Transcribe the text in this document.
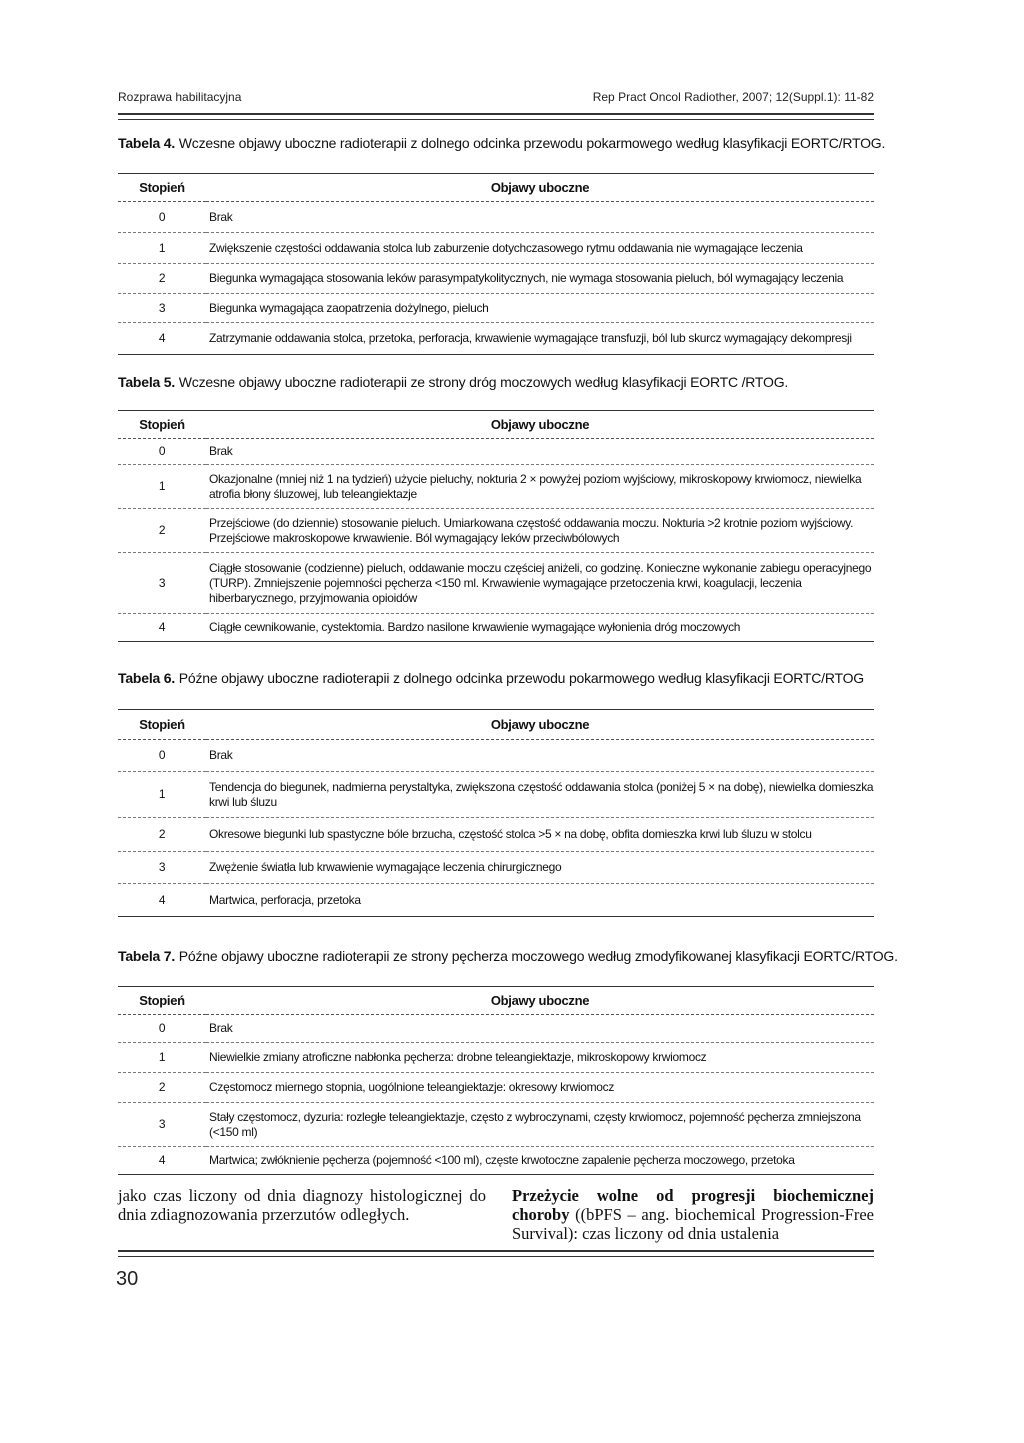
Rozprawa habilitacyjna	Rep Pract Oncol Radiother, 2007; 12(Suppl.1): 11-82
Tabela 4. Wczesne objawy uboczne radioterapii z dolnego odcinka przewodu pokarmowego według klasyfikacji EORTC/RTOG.
Stopień	Objawy uboczne
0	Brak
1	Zwiększenie częstości oddawania stolca lub zaburzenie dotychczasowego rytmu oddawania nie wymagające leczenia
2	Biegunka wymagająca stosowania leków parasympatykolitycznych, nie wymaga stosowania pieluch, ból wymagający leczenia
3	Biegunka wymagająca zaopatrzenia dożylnego, pieluch
4	Zatrzymanie oddawania stolca, przetoka, perforacja, krwawienie wymagające transfuzji, ból lub skurcz wymagający dekompresji
Tabela 5. Wczesne objawy uboczne radioterapii ze strony dróg moczowych według klasyfikacji EORTC /RTOG.
Stopień	Objawy uboczne
0	Brak
1	Okazjonalne (mniej niż 1 na tydzień) użycie pieluchy, nokturia 2 × powyżej poziom wyjściowy, mikroskopowy krwiomocz, niewielka atrofia błony śluzowej, lub teleangiektazje
2	Przejściowe (do dziennie) stosowanie pieluch. Umiarkowana częstość oddawania moczu. Nokturia >2 krotnie poziom wyjściowy. Przejściowe makroskopowe krwawienie. Ból wymagający leków przeciwbólowych
3	Ciągłe stosowanie (codzienne) pieluch, oddawanie moczu częściej aniżeli, co godzinę. Konieczne wykonanie zabiegu operacyjnego (TURP). Zmniejszenie pojemności pęcherza <150 ml. Krwawienie wymagające przetoczenia krwi, koagulacji, leczenia hiberbarycznego, przyjmowania opioidów
4	Ciągłe cewnikowanie, cystektomia. Bardzo nasilone krwawienie wymagające wyłonienia dróg moczowych
Tabela 6. Późne objawy uboczne radioterapii z dolnego odcinka przewodu pokarmowego według klasyfikacji EORTC/RTOG
Stopień	Objawy uboczne
0	Brak
1	Tendencja do biegunek, nadmierna perystaltyka, zwiększona częstość oddawania stolca (poniżej 5 × na dobę), niewielka domieszka krwi lub śluzu
2	Okresowe biegunki lub spastyczne bóle brzucha, częstość stolca >5 × na dobę, obfita domieszka krwi lub śluzu w stolcu
3	Zwężenie światła lub krwawienie wymagające leczenia chirurgicznego
4	Martwica, perforacja, przetoka
Tabela 7. Późne objawy uboczne radioterapii ze strony pęcherza moczowego według zmodyfikowanej klasyfikacji EORTC/RTOG.
Stopień	Objawy uboczne
0	Brak
1	Niewielkie zmiany atroficzne nabłonka pęcherza: drobne teleangiektazje, mikroskopowy krwiomocz
2	Częstomocz miernego stopnia, uogólnione teleangiektazje: okresowy krwiomocz
3	Stały częstomocz, dyzuria: rozległe teleangiektazje, często z wybroczynami, częsty krwiomocz, pojemność pęcherza zmniejszona (<150 ml)
4	Martwica; zwłóknienie pęcherza (pojemność <100 ml), częste krwotoczne zapalenie pęcherza moczowego, przetoka
jako czas liczony od dnia diagnozy histologicznej do dnia zdiagnozowania przerzutów odległych.
Przeżycie wolne od progresji biochemicznej choroby ((bPFS – ang. biochemical Progression-Free Survival): czas liczony od dnia ustalenia
30
